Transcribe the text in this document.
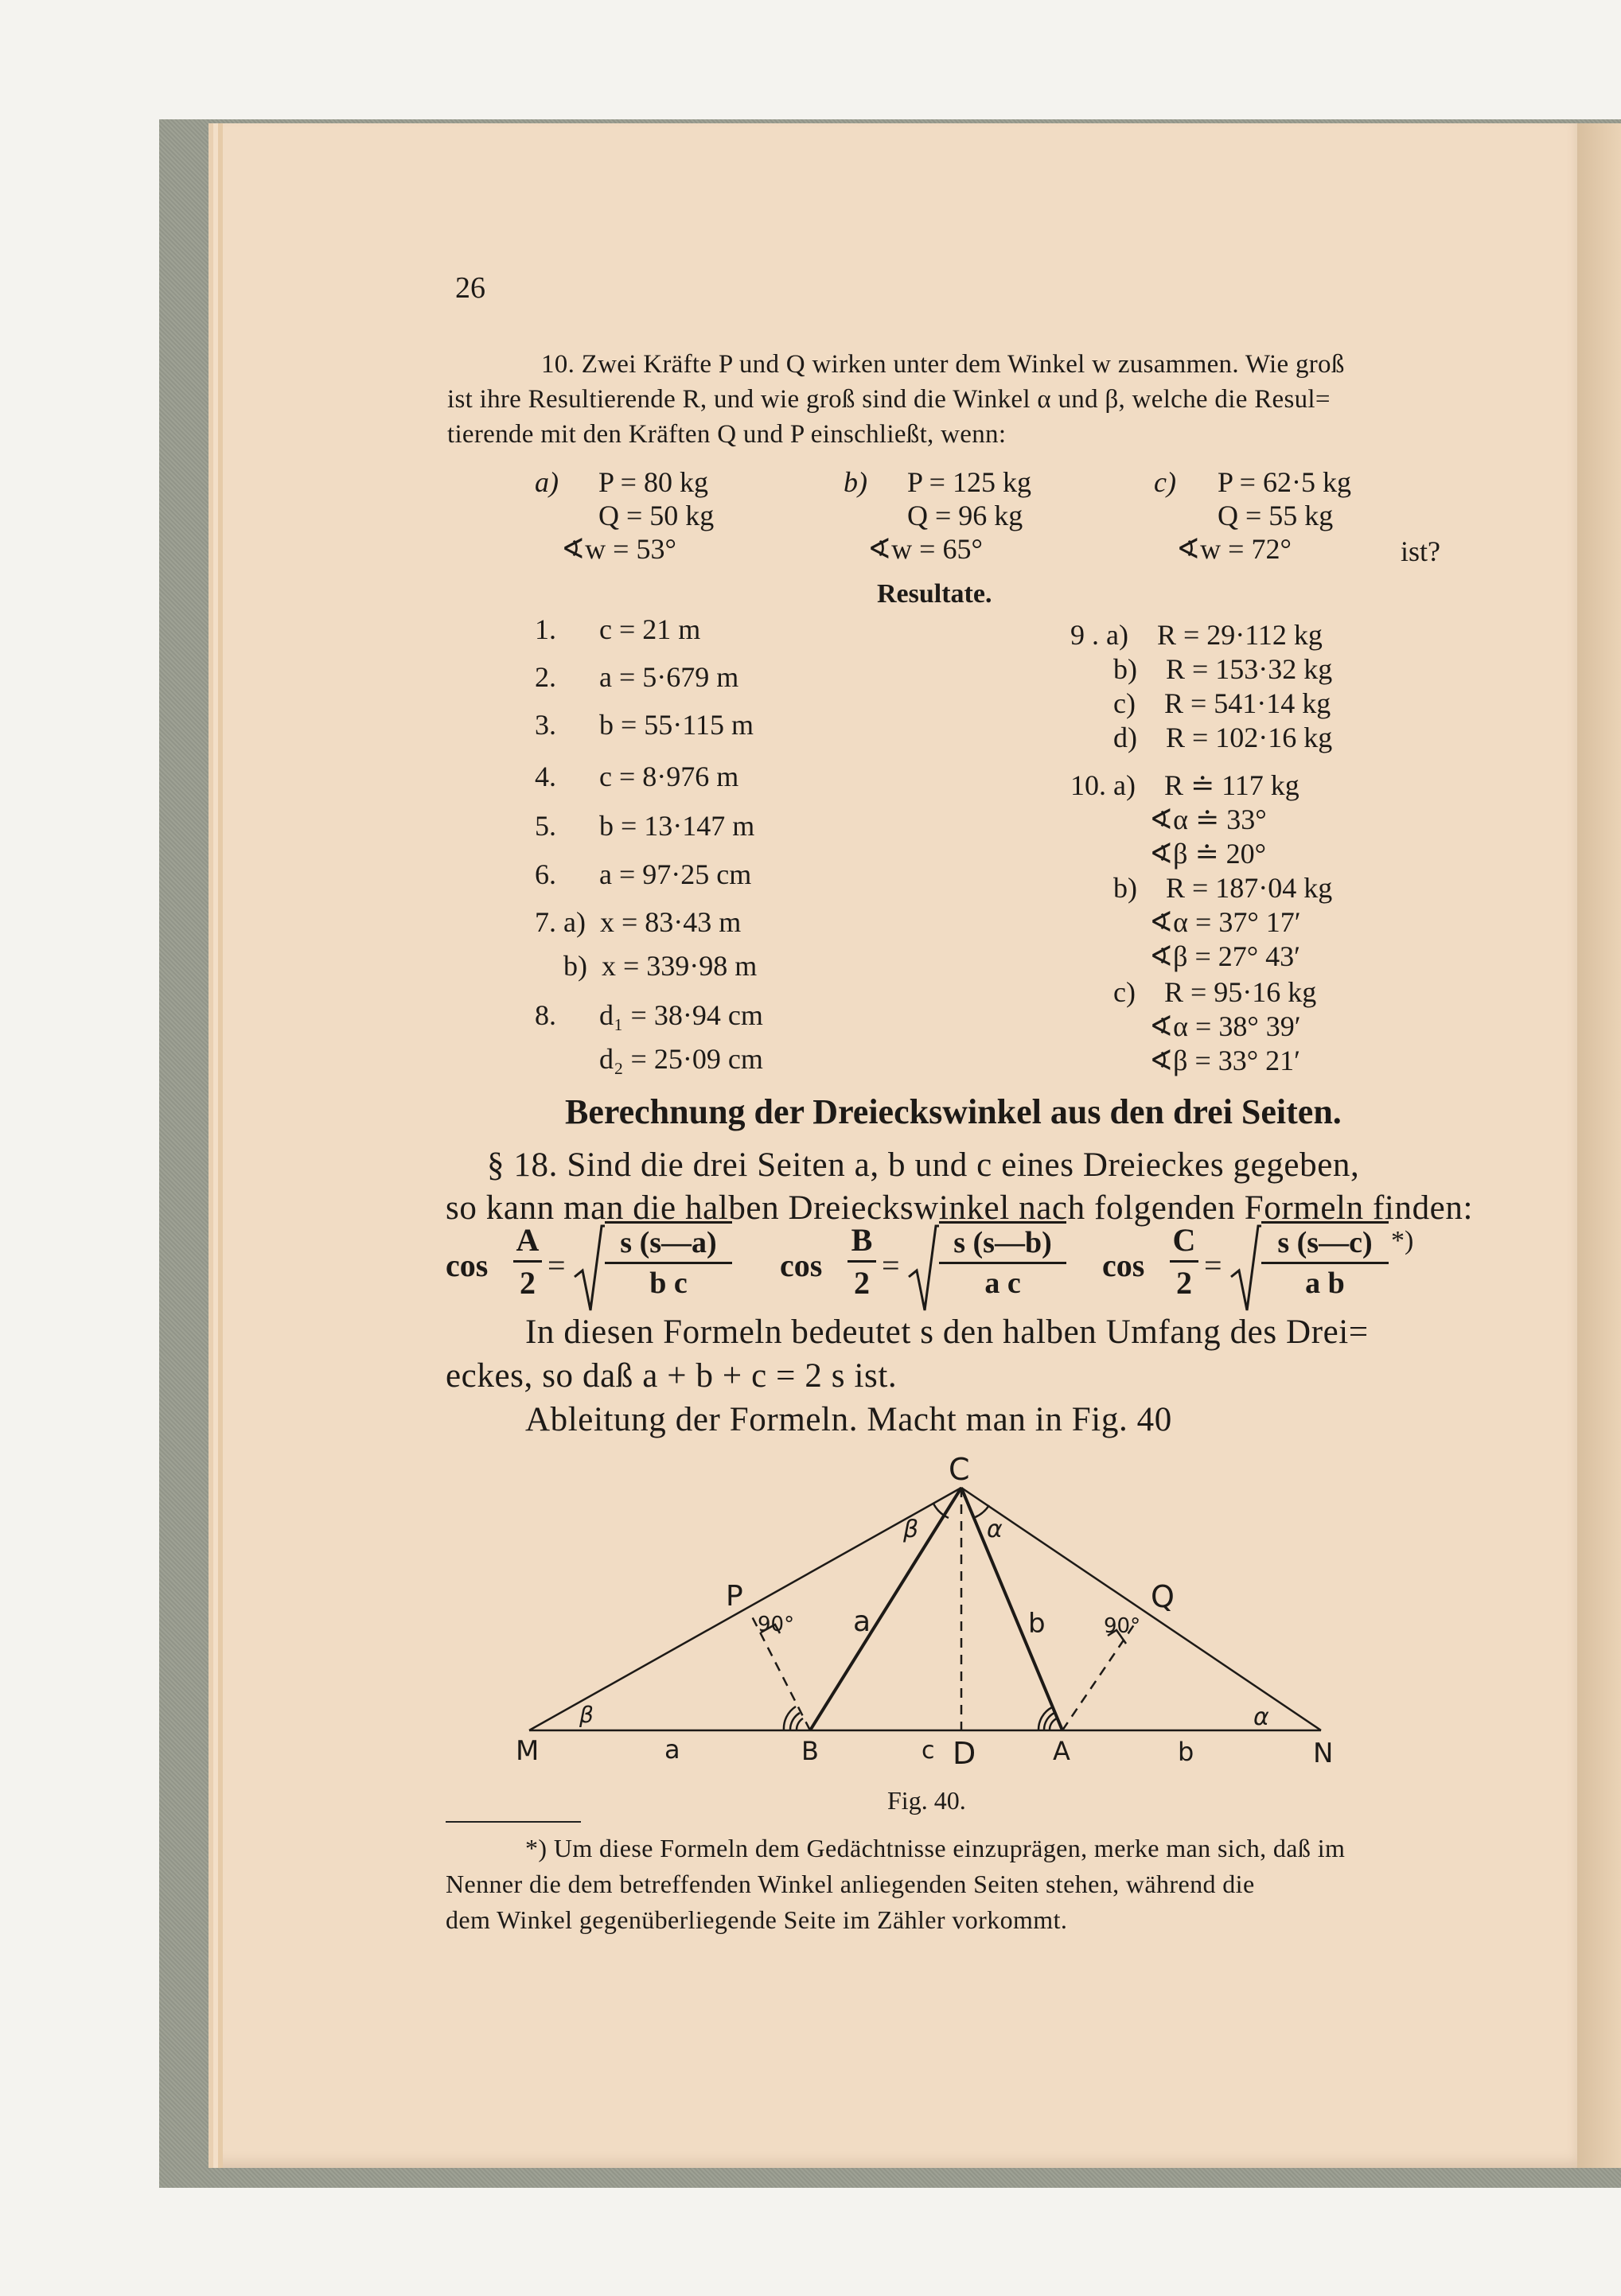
26
10. Zwei Kräfte P und Q wirken unter dem Winkel w zusammen. Wie groß
ist ihre Resultierende R, und wie groß sind die Winkel α und β, welche die Resul=
tierende mit den Kräften Q und P einschließt, wenn:
a) P = 80 kg
Q = 50 kg
∢w = 53°
b) P = 125 kg
Q = 96 kg
∢w = 65°
c) P = 62·5 kg
Q = 55 kg
∢w = 72°	ist?
Resultate.
1.      c = 21 m
2.      a = 5·679 m
3.      b = 55·115 m
4.      c = 8·976 m
5.      b = 13·147 m
6.      a = 97·25 cm
7. a)  x = 83·43 m
b)  x = 339·98 m
8.      d₁ = 38·94 cm
d₂ = 25·09 cm
9 . a)    R = 29·112 kg
b)    R = 153·32 kg
c)    R = 541·14 kg
d)    R = 102·16 kg
10. a)    R ≐ 117 kg
∢α ≐ 33°
∢β ≐ 20°
b)    R = 187·04 kg
∢α = 37° 17′
∢β = 27° 43′
c)    R = 95·16 kg
∢α = 38° 39′
∢β = 33° 21′
Berechnung der Dreieckswinkel aus den drei Seiten.
§ 18. Sind die drei Seiten a, b und c eines Dreieckes gegeben,
so kann man die halben Dreieckswinkel nach folgenden Formeln finden:
cos
A
2 =
s (s—a)
b c	cos
B
2 =
s (s—b)
a c	cos
C
2 =
s (s—c)
a b
*)
In diesen Formeln bedeutet s den halben Umfang des Drei=
eckes, so daß a + b + c = 2 s ist.
Ableitung der Formeln. Macht man in Fig. 40
C
P	Q
M	N
B	D	A
a	b
a	b
c
β	α
β	α
90°	90°
Fig. 40.
*) Um diese Formeln dem Gedächtnisse einzuprägen, merke man sich, daß im
Nenner die dem betreffenden Winkel anliegenden Seiten stehen, während die
dem Winkel gegenüberliegende Seite im Zähler vorkommt.
